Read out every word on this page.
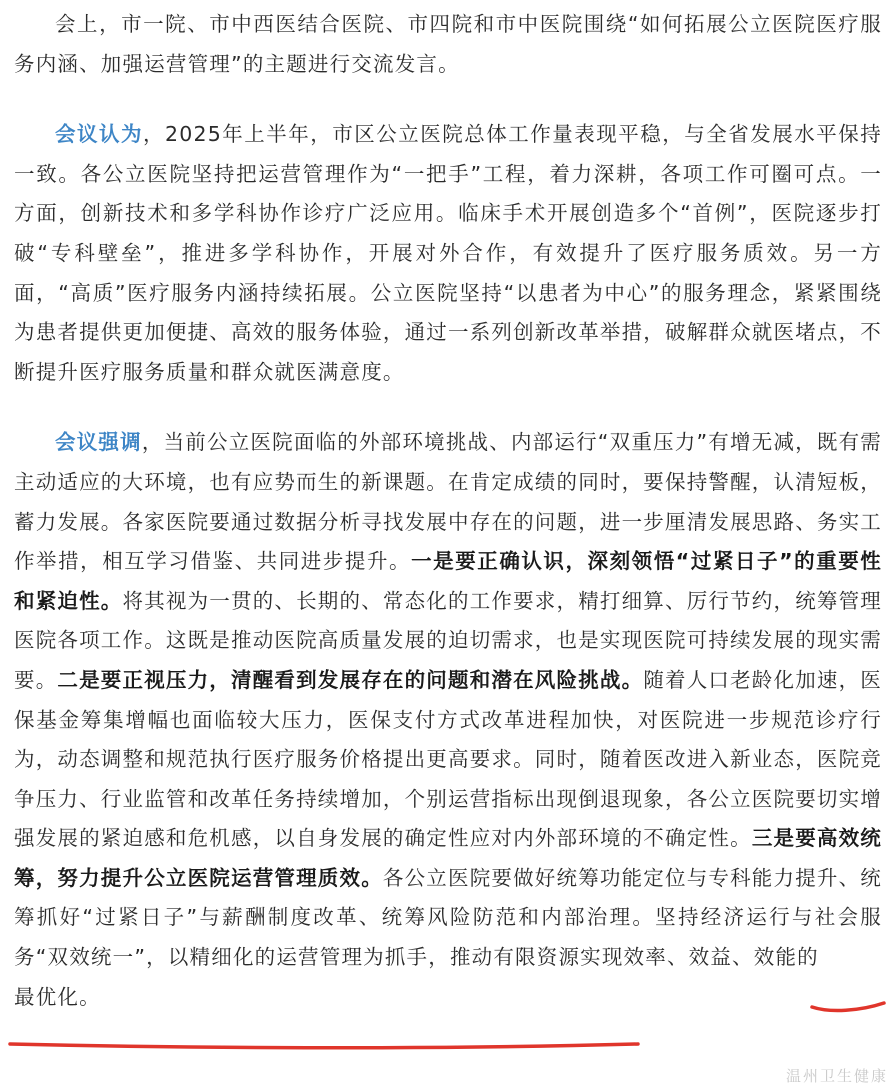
会上，市一院、市中西医结合医院、市四院和市中医院围绕“如何拓展公立医院医疗服务内涵、加强运营管理”的主题进行交流发言。

会议认为，2025年上半年，市区公立医院总体工作量表现平稳，与全省发展水平保持一致。各公立医院坚持把运营管理作为“一把手”工程，着力深耕，各项工作可圈可点。一方面，创新技术和多学科协作诊疗广泛应用。临床手术开展创造多个“首例”，医院逐步打破“专科壁垒”，推进多学科协作，开展对外合作，有效提升了医疗服务质效。另一方面，“高质”医疗服务内涵持续拓展。公立医院坚持“以患者为中心”的服务理念，紧紧围绕为患者提供更加便捷、高效的服务体验，通过一系列创新改革举措，破解群众就医堵点，不断提升医疗服务质量和群众就医满意度。

会议强调，当前公立医院面临的外部环境挑战、内部运行“双重压力”有增无减，既有需主动适应的大环境，也有应势而生的新课题。在肯定成绩的同时，要保持警醒，认清短板，蓄力发展。各家医院要通过数据分析寻找发展中存在的问题，进一步厘清发展思路、务实工作举措，相互学习借鉴、共同进步提升。一是要正确认识，深刻领悟“过紧日子”的重要性和紧迫性。将其视为一贯的、长期的、常态化的工作要求，精打细算、厉行节约，统筹管理医院各项工作。这既是推动医院高质量发展的迫切需求，也是实现医院可持续发展的现实需要。二是要正视压力，清醒看到发展存在的问题和潜在风险挑战。随着人口老龄化加速，医保基金筹集增幅也面临较大压力，医保支付方式改革进程加快，对医院进一步规范诊疗行为，动态调整和规范执行医疗服务价格提出更高要求。同时，随着医改进入新业态，医院竞争压力、行业监管和改革任务持续增加，个别运营指标出现倒退现象，各公立医院要切实增强发展的紧迫感和危机感，以自身发展的确定性应对内外部环境的不确定性。三是要高效统筹，努力提升公立医院运营管理质效。各公立医院要做好统筹功能定位与专科能力提升、统筹抓好“过紧日子”与薪酬制度改革、统筹风险防范和内部治理。坚持经济运行与社会服务“双效统一”，以精细化的运营管理为抓手，推动有限资源实现效率、效益、效能的

最优化。

温州卫生健康
